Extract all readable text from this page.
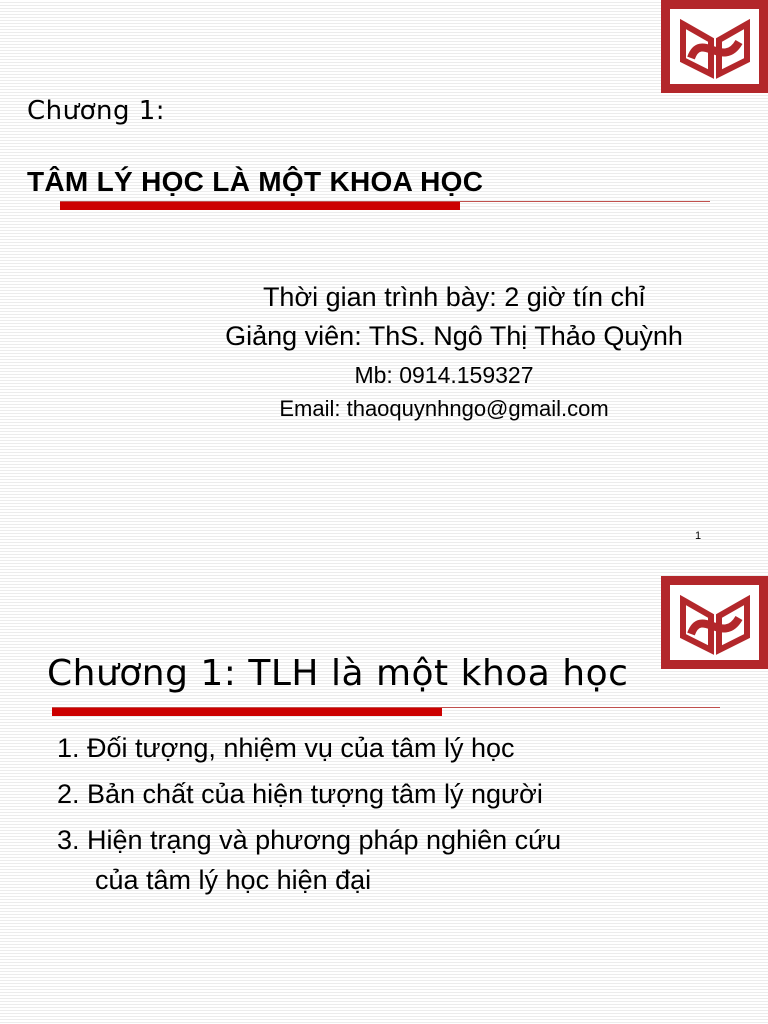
Chương 1:
TÂM LÝ HỌC LÀ MỘT KHOA HỌC
Thời gian trình bày: 2 giờ tín chỉ
Giảng viên: ThS. Ngô Thị Thảo Quỳnh
Mb: 0914.159327
Email: thaoquynhngo@gmail.com
1
Chương 1: TLH là một khoa học
1. Đối tượng, nhiệm vụ của tâm lý học
2. Bản chất của hiện tượng tâm lý người
3. Hiện trạng và phương pháp nghiên cứu
của tâm lý học hiện đại
